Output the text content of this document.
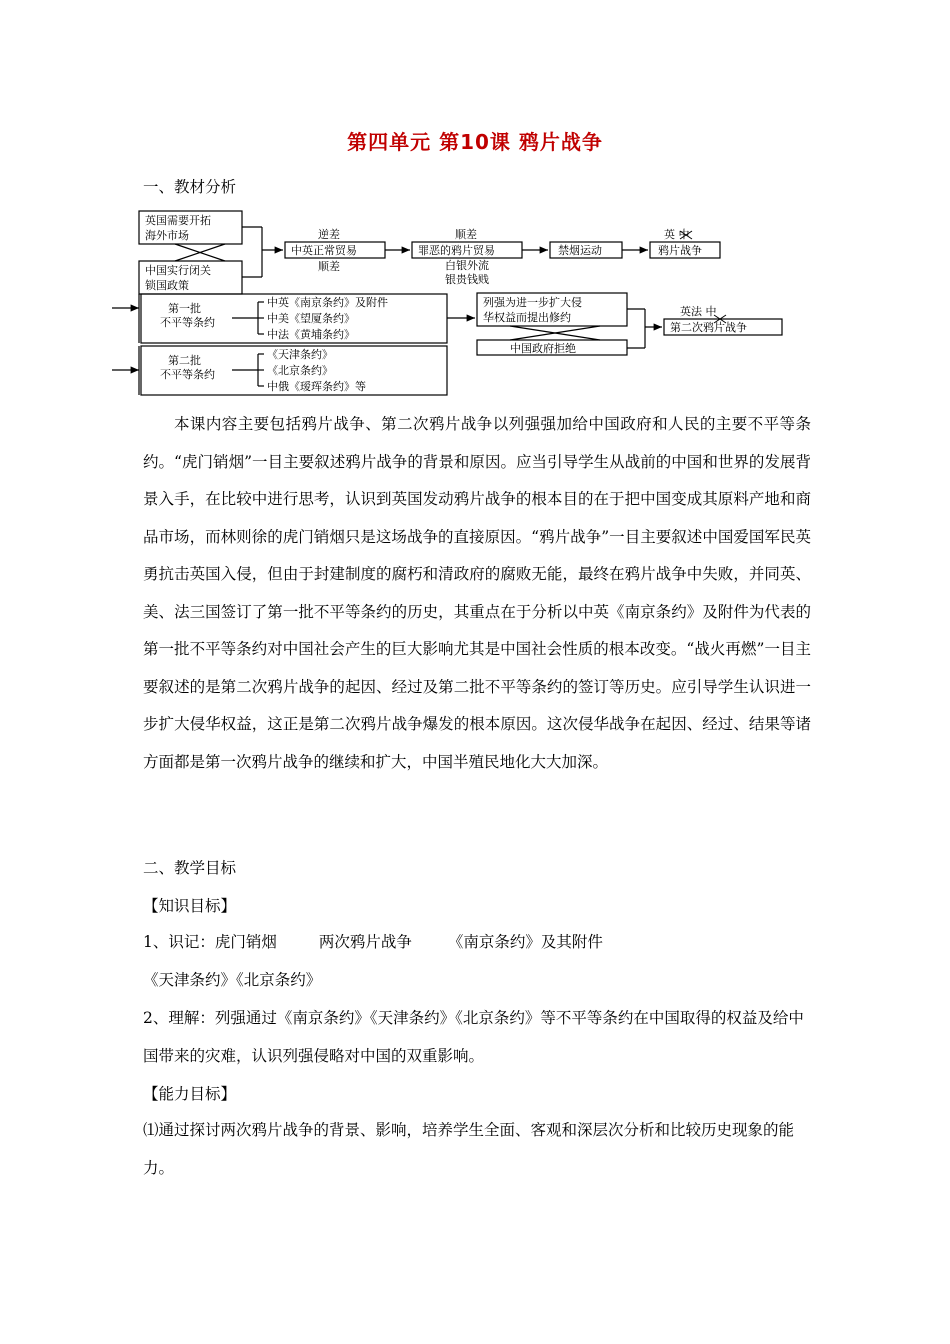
第四单元 第10课 鸦片战争
一、教材分析
英国需要开拓
海外市场
中国实行闭关
锁国政策
逆差
顺差
中英正常贸易
顺差
罪恶的鸦片贸易
白银外流
银贵钱贱
禁烟运动
英 中
鸦片战争
第一批
不平等条约
中英《南京条约》及附件
中美《望厦条约》
中法《黄埔条约》
列强为进一步扩大侵
华权益而提出修约
中国政府拒绝
英法 中
第二次鸦片战争
第二批
不平等条约
《天津条约》
《北京条约》
中俄《瑷珲条约》等

本课内容主要包括鸦片战争、第二次鸦片战争以列强强加给中国政府和人民的主要不平等条约。“虎门销烟”一目主要叙述鸦片战争的背景和原因。应当引导学生从战前的中国和世界的发展背景入手，在比较中进行思考，认识到英国发动鸦片战争的根本目的在于把中国变成其原料产地和商品市场，而林则徐的虎门销烟只是这场战争的直接原因。“鸦片战争”一目主要叙述中国爱国军民英勇抗击英国入侵，但由于封建制度的腐朽和清政府的腐败无能，最终在鸦片战争中失败，并同英、美、法三国签订了第一批不平等条约的历史，其重点在于分析以中英《南京条约》及附件为代表的第一批不平等条约对中国社会产生的巨大影响尤其是中国社会性质的根本改变。“战火再燃”一目主要叙述的是第二次鸦片战争的起因、经过及第二批不平等条约的签订等历史。应引导学生认识进一步扩大侵华权益，这正是第二次鸦片战争爆发的根本原因。这次侵华战争在起因、经过、结果等诸方面都是第一次鸦片战争的继续和扩大，中国半殖民地化大大加深。

二、教学目标
【知识目标】
1、识记：虎门销烟	两次鸦片战争 《南京条约》及其附件《天津条约》《北京条约》

2、理解：列强通过《南京条约》《天津条约》《北京条约》等不平等条约在中国取得的权益及给中国带来的灾难，认识列强侵略对中国的双重影响。

【能力目标】

⑴通过探讨两次鸦片战争的背景、影响，培养学生全面、客观和深层次分析和比较历史现象的能力。
